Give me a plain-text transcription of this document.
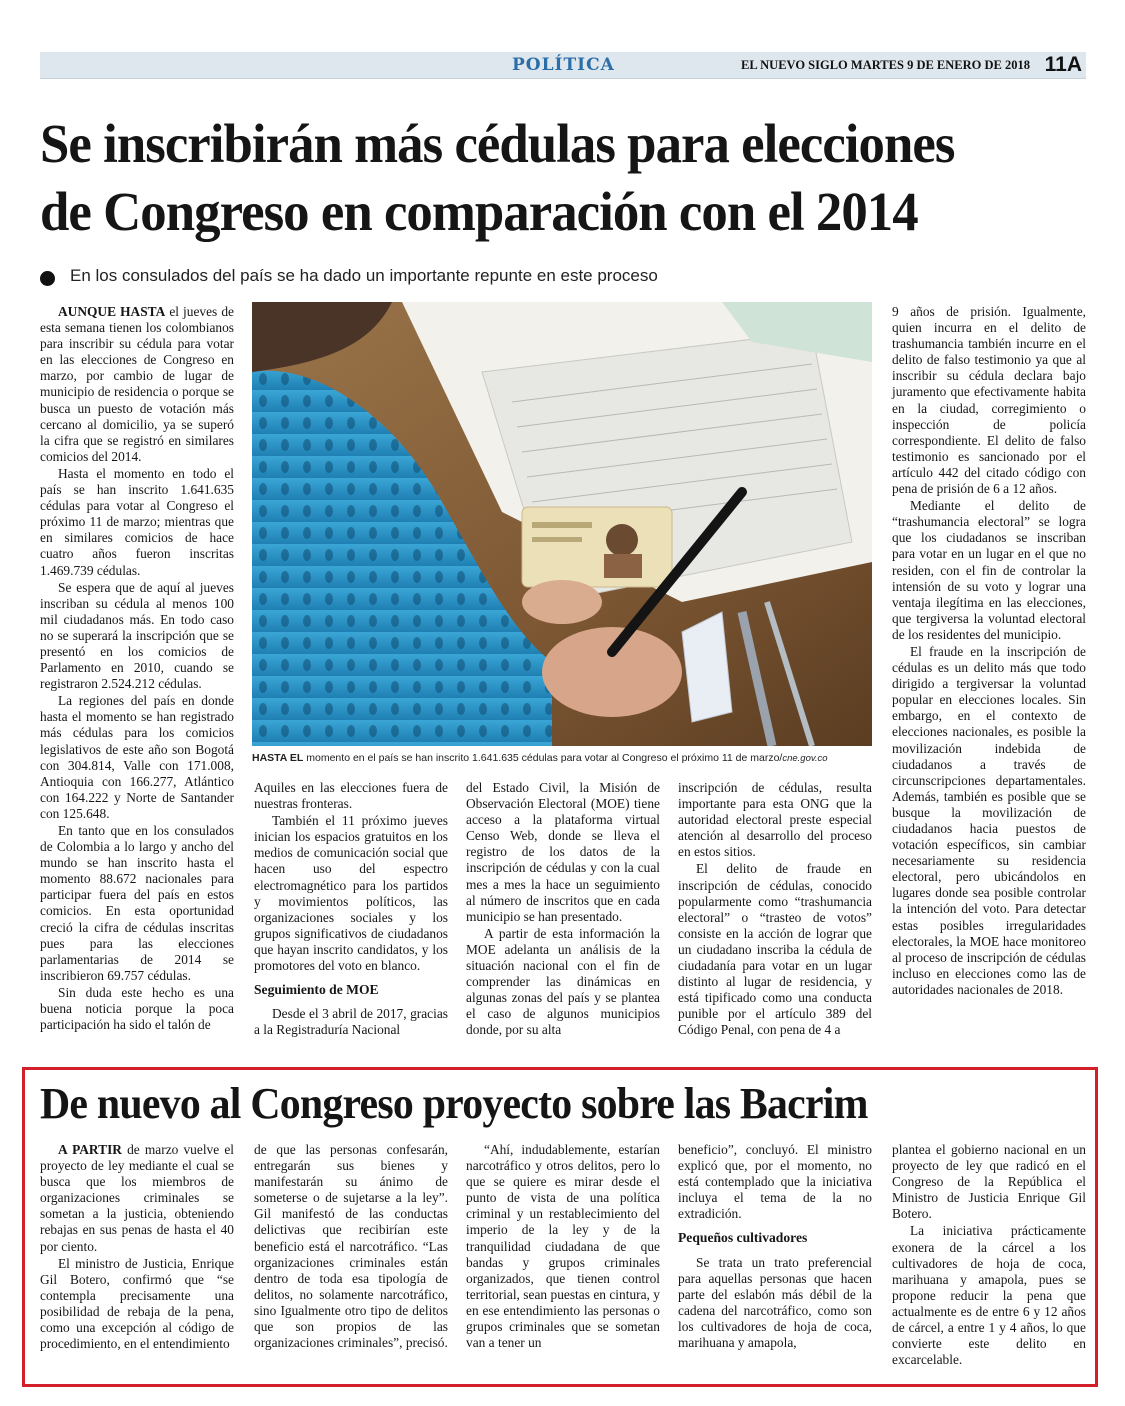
POLÍTICA	EL NUEVO SIGLO MARTES 9 DE ENERO DE 2018 11A
Se inscribirán más cédulas para elecciones
de Congreso en comparación con el 2014
En los consulados del país se ha dado un importante repunte en este proceso

AUNQUE HASTA el jueves de esta semana tienen los colombianos para inscribir su cédula para votar en las elecciones de Congreso en marzo, por cambio de lugar de municipio de residencia o porque se busca un puesto de votación más cercano al domicilio, ya se superó la cifra que se registró en similares comicios del 2014.

Hasta el momento en todo el país se han inscrito 1.641.635 cédulas para votar al Congreso el próximo 11 de marzo; mientras que en similares comicios de hace cuatro años fueron inscritas 1.469.739 cédulas.

Se espera que de aquí al jueves inscriban su cédula al menos 100 mil ciudadanos más. En todo caso no se superará la inscripción que se presentó en los comicios de Parlamento en 2010, cuando se registraron 2.524.212 cédulas.

La regiones del país en donde hasta el momento se han registrado más cédulas para los comicios legislativos de este año son Bogotá con 304.814, Valle con 171.008, Antioquia con 166.277, Atlántico con 164.222 y Norte de Santander con 125.648.

En tanto que en los consulados de Colombia a lo largo y ancho del mundo se han inscrito hasta el momento 88.672 nacionales para participar fuera del país en estos comicios. En esta oportunidad creció la cifra de cédulas inscritas pues para las elecciones parlamentarias de 2014 se inscribieron 69.757 cédulas.

Sin duda este hecho es una buena noticia porque la poca participación ha sido el talón de

HASTA EL momento en el país se han inscrito 1.641.635 cédulas para votar al Congreso el próximo 11 de marzo/cne.gov.co

Aquiles en las elecciones fuera de nuestras fronteras.

También el 11 próximo jueves inician los espacios gratuitos en los medios de comunicación social que hacen uso del espectro electromagnético para los partidos y movimientos políticos, las organizaciones sociales y los grupos significativos de ciudadanos que hayan inscrito candidatos, y los promotores del voto en blanco.

Seguimiento de MOE

Desde el 3 abril de 2017, gracias a la Registraduría Nacional

del Estado Civil, la Misión de Observación Electoral (MOE) tiene acceso a la plataforma virtual Censo Web, donde se lleva el registro de los datos de la inscripción de cédulas y con la cual mes a mes la hace un seguimiento al número de inscritos que en cada municipio se han presentado.

A partir de esta información la MOE adelanta un análisis de la situación nacional con el fin de comprender las dinámicas en algunas zonas del país y se plantea el caso de algunos municipios donde, por su alta

inscripción de cédulas, resulta importante para esta ONG que la autoridad electoral preste especial atención al desarrollo del proceso en estos sitios.

El delito de fraude en inscripción de cédulas, conocido popularmente como “trashumancia electoral” o “trasteo de votos” consiste en la acción de lograr que un ciudadano inscriba la cédula de ciudadanía para votar en un lugar distinto al lugar de residencia, y está tipificado como una conducta punible por el artículo 389 del Código Penal, con pena de 4 a

9 años de prisión. Igualmente, quien incurra en el delito de trashumancia también incurre en el delito de falso testimonio ya que al inscribir su cédula declara bajo juramento que efectivamente habita en la ciudad, corregimiento o inspección de policía correspondiente. El delito de falso testimonio es sancionado por el artículo 442 del citado código con pena de prisión de 6 a 12 años.

Mediante el delito de “trashumancia electoral” se logra que los ciudadanos se inscriban para votar en un lugar en el que no residen, con el fin de controlar la intensión de su voto y lograr una ventaja ilegítima en las elecciones, que tergiversa la voluntad electoral de los residentes del municipio.

El fraude en la inscripción de cédulas es un delito más que todo dirigido a tergiversar la voluntad popular en elecciones locales. Sin embargo, en el contexto de elecciones nacionales, es posible la movilización indebida de ciudadanos a través de circunscripciones departamentales. Además, también es posible que se busque la movilización de ciudadanos hacia puestos de votación específicos, sin cambiar necesariamente su residencia electoral, pero ubicándolos en lugares donde sea posible controlar la intención del voto. Para detectar estas posibles irregularidades electorales, la MOE hace monitoreo al proceso de inscripción de cédulas incluso en elecciones como las de autoridades nacionales de 2018.

De nuevo al Congreso proyecto sobre las Bacrim

A PARTIR de marzo vuelve el proyecto de ley mediante el cual se busca que los miembros de organizaciones criminales se sometan a la justicia, obteniendo rebajas en sus penas de hasta el 40 por ciento.

El ministro de Justicia, Enrique Gil Botero, confirmó que “se contempla precisamente una posibilidad de rebaja de la pena, como una excepción al código de procedimiento, en el entendimiento

de que las personas confesarán, entregarán sus bienes y manifestarán su ánimo de someterse o de sujetarse a la ley”. Gil manifestó de las conductas delictivas que recibirían este beneficio está el narcotráfico. “Las organizaciones criminales están dentro de toda esa tipología de delitos, no solamente narcotráfico, sino Igualmente otro tipo de delitos que son propios de las organizaciones criminales”, precisó.

“Ahí, indudablemente, estarían narcotráfico y otros delitos, pero lo que se quiere es mirar desde el punto de vista de una política criminal y un restablecimiento del imperio de la ley y de la tranquilidad ciudadana de que bandas y grupos criminales organizados, que tienen control territorial, sean puestas en cintura, y en ese entendimiento las personas o grupos criminales que se sometan van a tener un

beneficio”, concluyó. El ministro explicó que, por el momento, no está contemplado que la iniciativa incluya el tema de la no extradición.

Pequeños cultivadores

Se trata un trato preferencial para aquellas personas que hacen parte del eslabón más débil de la cadena del narcotráfico, como son los cultivadores de hoja de coca, marihuana y amapola,

plantea el gobierno nacional en un proyecto de ley que radicó en el Congreso de la República el Ministro de Justicia Enrique Gil Botero.

La iniciativa prácticamente exonera de la cárcel a los cultivadores de hoja de coca, marihuana y amapola, pues se propone reducir la pena que actualmente es de entre 6 y 12 años de cárcel, a entre 1 y 4 años, lo que convierte este delito en excarcelable.
